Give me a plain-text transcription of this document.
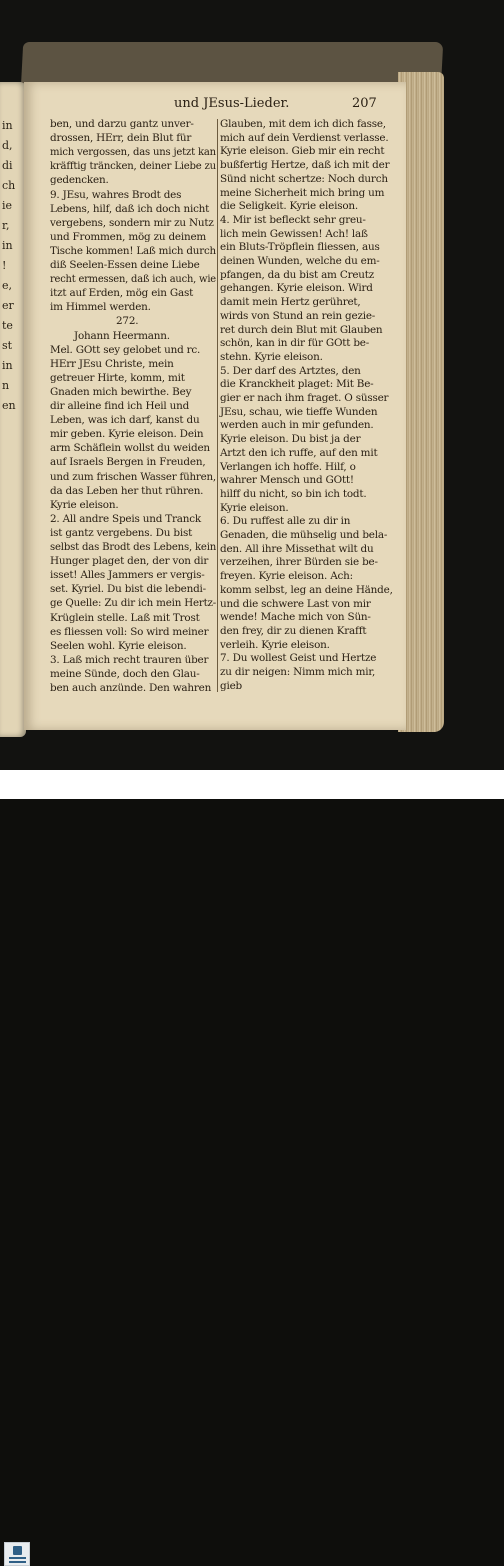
in
d,
di
ch
ie
r,
in
!
e,
er
te
st
in
n
en
und JEsus-Lieder.	207
ben, und darzu gantz unver-
drossen, HErr, dein Blut für
mich vergossen, das uns jetzt kan
kräfftig träncken, deiner Liebe zu
gedencken.
9. JEsu, wahres Brodt des
Lebens, hilf, daß ich doch nicht
vergebens, sondern mir zu Nutz
und Frommen, mög zu deinem
Tische kommen! Laß mich durch
diß Seelen-Essen deine Liebe
recht ermessen, daß ich auch, wie
itzt auf Erden, mög ein Gast
im Himmel werden.
272.
Johann Heermann.
Mel. GOtt sey gelobet und rc.
HErr JEsu Christe, mein
getreuer Hirte, komm, mit
Gnaden mich bewirthe. Bey
dir alleine find ich Heil und
Leben, was ich darf, kanst du
mir geben. Kyrie eleison. Dein
arm Schäflein wollst du weiden
auf Israels Bergen in Freuden,
und zum frischen Wasser führen,
da das Leben her thut rühren.
Kyrie eleison.
2. All andre Speis und Tranck
ist gantz vergebens. Du bist
selbst das Brodt des Lebens, kein
Hunger plaget den, der von dir
isset! Alles Jammers er vergis-
set. Kyriel. Du bist die lebendi-
ge Quelle: Zu dir ich mein Hertz-
Krüglein stelle. Laß mit Trost
es fliessen voll: So wird meiner
Seelen wohl. Kyrie eleison.
3. Laß mich recht trauren über
meine Sünde, doch den Glau-
ben auch anzünde. Den wahren
Glauben, mit dem ich dich fasse,
mich auf dein Verdienst verlasse.
Kyrie eleison. Gieb mir ein recht
bußfertig Hertze, daß ich mit der
Sünd nicht schertze: Noch durch
meine Sicherheit mich bring um
die Seligkeit. Kyrie eleison.
4. Mir ist befleckt sehr greu-
lich mein Gewissen! Ach! laß
ein Bluts-Tröpflein fliessen, aus
deinen Wunden, welche du em-
pfangen, da du bist am Creutz
gehangen. Kyrie eleison. Wird
damit mein Hertz gerühret,
wirds von Stund an rein gezie-
ret durch dein Blut mit Glauben
schön, kan in dir für GOtt be-
stehn. Kyrie eleison.
5. Der darf des Artztes, den
die Kranckheit plaget: Mit Be-
gier er nach ihm fraget. O süsser
JEsu, schau, wie tieffe Wunden
werden auch in mir gefunden.
Kyrie eleison. Du bist ja der
Artzt den ich ruffe, auf den mit
Verlangen ich hoffe. Hilf, o
wahrer Mensch und GOtt!
hilff du nicht, so bin ich todt.
Kyrie eleison.
6. Du ruffest alle zu dir in
Genaden, die mühselig und bela-
den. All ihre Missethat wilt du
verzeihen, ihrer Bürden sie be-
freyen. Kyrie eleison. Ach:
komm selbst, leg an deine Hände,
und die schwere Last von mir
wende! Mache mich von Sün-
den frey, dir zu dienen Krafft
verleih. Kyrie eleison.
7. Du wollest Geist und Hertze
zu dir neigen: Nimm mich mir,
gieb
